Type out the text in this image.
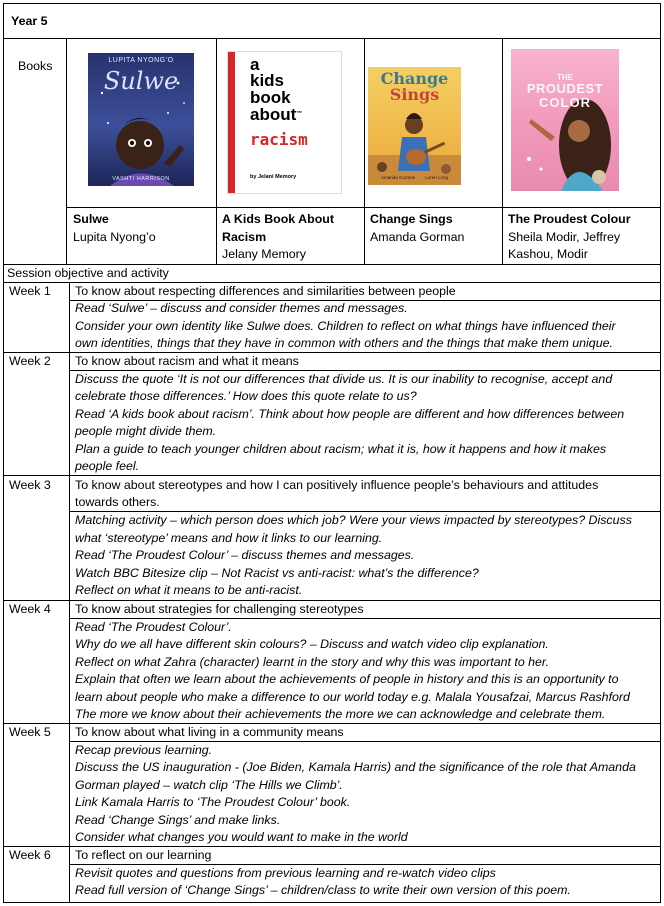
Year 5
Books	LUPITA NYONG’O
Sulwe
VASHTI HARRISON
a
kids
book
about™
racism
by Jelani Memory
Change
Sings
Amanda Gorman        Loren Long
THE
PROUDEST
COLOR
Sulwe
Lupita Nyong’o
A Kids Book About
Racism
Jelany Memory
Change Sings
Amanda Gorman
The Proudest Colour
Sheila Modir, Jeffrey
Kashou, Modir
Session objective and activity
Week 1 To know about respecting differences and similarities between people
Read ‘Sulwe’ – discuss and consider themes and messages.
Consider your own identity like Sulwe does. Children to reflect on what things have influenced their
own identities, things that they have in common with others and the things that make them unique.
Week 2 To know about racism and what it means
Discuss the quote ‘It is not our differences that divide us. It is our inability to recognise, accept and
celebrate those differences.’ How does this quote relate to us?
Read ‘A kids book about racism’. Think about how people are different and how differences between
people might divide them.
Plan a guide to teach younger children about racism; what it is, how it happens and how it makes
people feel.
Week 3 To know about stereotypes and how I can positively influence people’s behaviours and attitudes
towards others.
Matching activity – which person does which job? Were your views impacted by stereotypes? Discuss
what ‘stereotype’ means and how it links to our learning.
Read ‘The Proudest Colour’ – discuss themes and messages.
Watch BBC Bitesize clip – Not Racist vs anti-racist: what’s the difference?
Reflect on what it means to be anti-racist.
Week 4 To know about strategies for challenging stereotypes
Read ‘The Proudest Colour’.
Why do we all have different skin colours? – Discuss and watch video clip explanation.
Reflect on what Zahra (character) learnt in the story and why this was important to her.
Explain that often we learn about the achievements of people in history and this is an opportunity to
learn about people who make a difference to our world today e.g. Malala Yousafzai, Marcus Rashford
The more we know about their achievements the more we can acknowledge and celebrate them.
Week 5 To know about what living in a community means
Recap previous learning.
Discuss the US inauguration - (Joe Biden, Kamala Harris) and the significance of the role that Amanda
Gorman played – watch clip ‘The Hills we Climb’.
Link Kamala Harris to ‘The Proudest Colour’ book.
Read ‘Change Sings’ and make links.
Consider what changes you would want to make in the world
Week 6 To reflect on our learning
Revisit quotes and questions from previous learning and re-watch video clips
Read full version of ‘Change Sings’ – children/class to write their own version of this poem.
